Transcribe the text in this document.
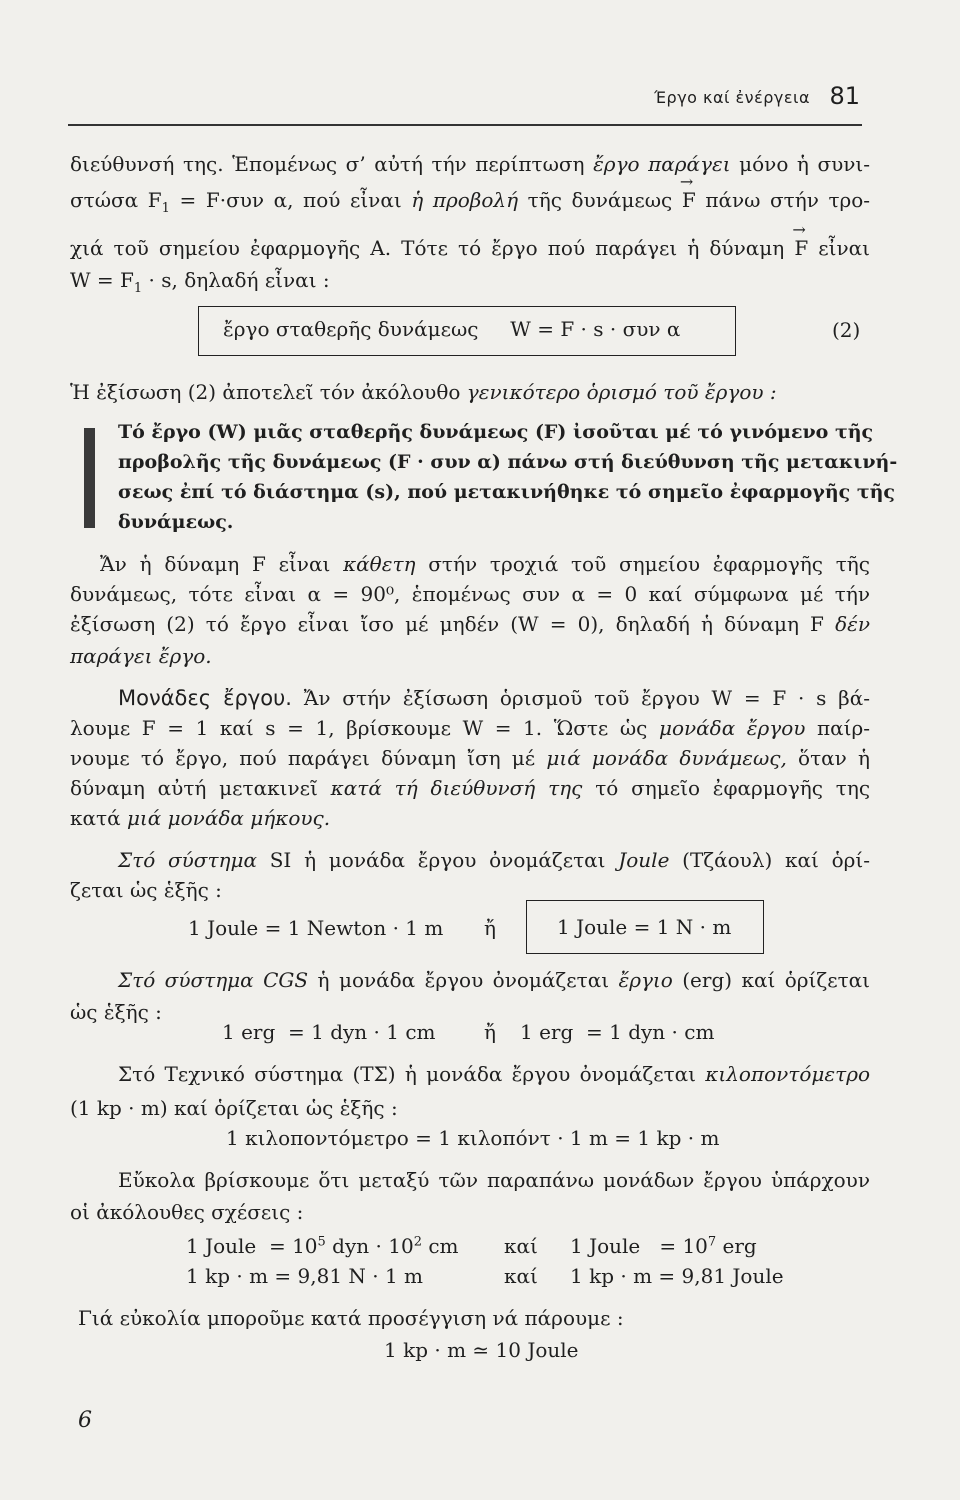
Έργο καί ἐνέργεια 81
διεύθυνσή της. Ἑπομένως σ’ αὐτή τήν περίπτωση ἔργο παράγει μόνο ἡ συνι-
στώσα $F_1 = F\cdot\sigma\upsilon\nu$ α, πού εἶναι ἡ προβολή τῆς δυνάμεως F → πάνω στήν τρο-
χιά τοῦ σημείου ἐφαρμογῆς Α. Τότε τό ἔργο πού παράγει ἡ δύναμη F → εἶναι
$W = F_1 \cdot s$, δηλαδή εἶναι :
ἔργο σταθερῆς δυνάμεως     W = F · s · συν α	(2)
Ἡ ἐξίσωση (2) ἀποτελεῖ τόν ἀκόλουθο γενικότερο ὁρισμό τοῦ ἔργου :
Τό ἔργο (W) μιᾶς σταθερῆς δυνάμεως (F) ἰσοῦται μέ τό γινόμενο τῆς
προβολῆς τῆς δυνάμεως (F · συν α) πάνω στή διεύθυνση τῆς μετακινή-
σεως ἐπί τό διάστημα (s), πού μετακινήθηκε τό σημεῖο ἐφαρμογῆς τῆς
δυνάμεως.
Ἄν ἡ δύναμη F εἶναι κάθετη στήν τροχιά τοῦ σημείου ἐφαρμογῆς τῆς
δυνάμεως, τότε εἶναι α = 90⁰, ἑπομένως συν α = 0 καί σύμφωνα μέ τήν
ἐξίσωση (2) τό ἔργο εἶναι ἴσο μέ μηδέν (W = 0), δηλαδή ἡ δύναμη F δέν
παράγει ἔργο.
Μονάδες ἔργου. Ἄν στήν ἐξίσωση ὁρισμοῦ τοῦ ἔργου W = F · s βά-
λουμε F = 1 καί s = 1, βρίσκουμε W = 1. Ὥστε ὡς μονάδα ἔργου παίρ-
νουμε τό ἔργο, πού παράγει δύναμη ἴση μέ μιά μονάδα δυνάμεως, ὅταν ἡ
δύναμη αὐτή μετακινεῖ κατά τή διεύθυνσή της τό σημεῖο ἐφαρμογῆς της
κατά μιά μονάδα μήκους.
Στό σύστημα SI ἡ μονάδα ἔργου ὀνομάζεται Joule (Τζάουλ) καί ὁρί-
ζεται ὡς ἑξῆς :
1 Joule = 1 Newton · 1 m ἤ	1 Joule = 1 N · m
Στό σύστημα CGS ἡ μονάδα ἔργου ὀνομάζεται ἔργιο (erg) καί ὁρίζεται
ὡς ἑξῆς :
1 erg  = 1 dyn · 1 cm ἤ 1 erg  = 1 dyn · cm
Στό Τεχνικό σύστημα (ΤΣ) ἡ μονάδα ἔργου ὀνομάζεται κιλοποντόμετρο
(1 kp · m) καί ὁρίζεται ὡς ἑξῆς :
1 κιλοποντόμετρο = 1 κιλοπόντ · 1 m = 1 kp · m
Εὔκολα βρίσκουμε ὅτι μεταξύ τῶν παραπάνω μονάδων ἔργου ὑπάρχουν
οἱ ἀκόλουθες σχέσεις :
1 Joule  = $10^5$ dyn · $10^2$ cm καί 1 Joule   = $10^7$ erg
1 kp · m = 9,81 N · 1 m	καί 1 kp · m = 9,81 Joule
Γιά εὐκολία μποροῦμε κατά προσέγγιση νά πάρουμε :
1 kp · m ≃ 10 Joule
6
